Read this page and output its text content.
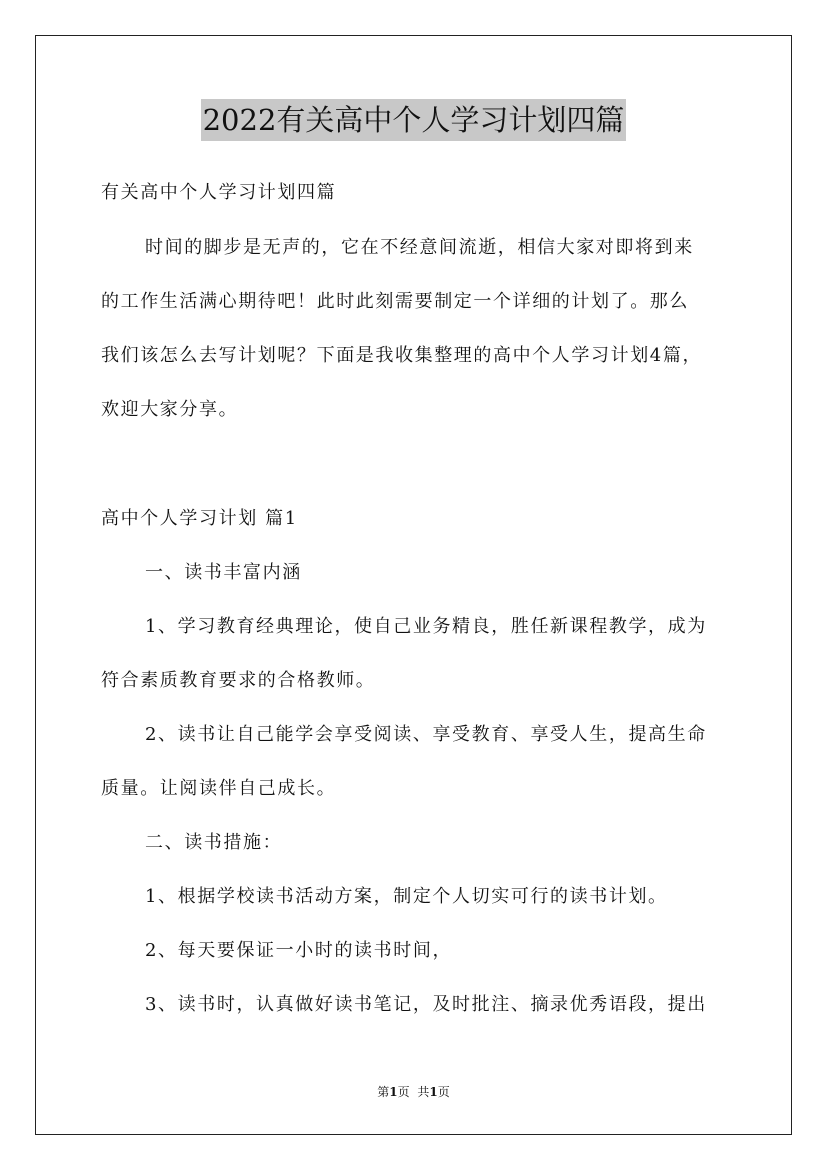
2022有关高中个人学习计划四篇
有关高中个人学习计划四篇
时间的脚步是无声的，它在不经意间流逝，相信大家对即将到来
的工作生活满心期待吧！此时此刻需要制定一个详细的计划了。那么
我们该怎么去写计划呢？下面是我收集整理的高中个人学习计划4篇，
欢迎大家分享。
高中个人学习计划 篇1
一、读书丰富内涵
1、学习教育经典理论，使自己业务精良，胜任新课程教学，成为
符合素质教育要求的合格教师。
2、读书让自己能学会享受阅读、享受教育、享受人生，提高生命
质量。让阅读伴自己成长。
二、读书措施：
1、根据学校读书活动方案，制定个人切实可行的读书计划。
2、每天要保证一小时的读书时间，
3、读书时，认真做好读书笔记，及时批注、摘录优秀语段，提出
第1页 共1页
